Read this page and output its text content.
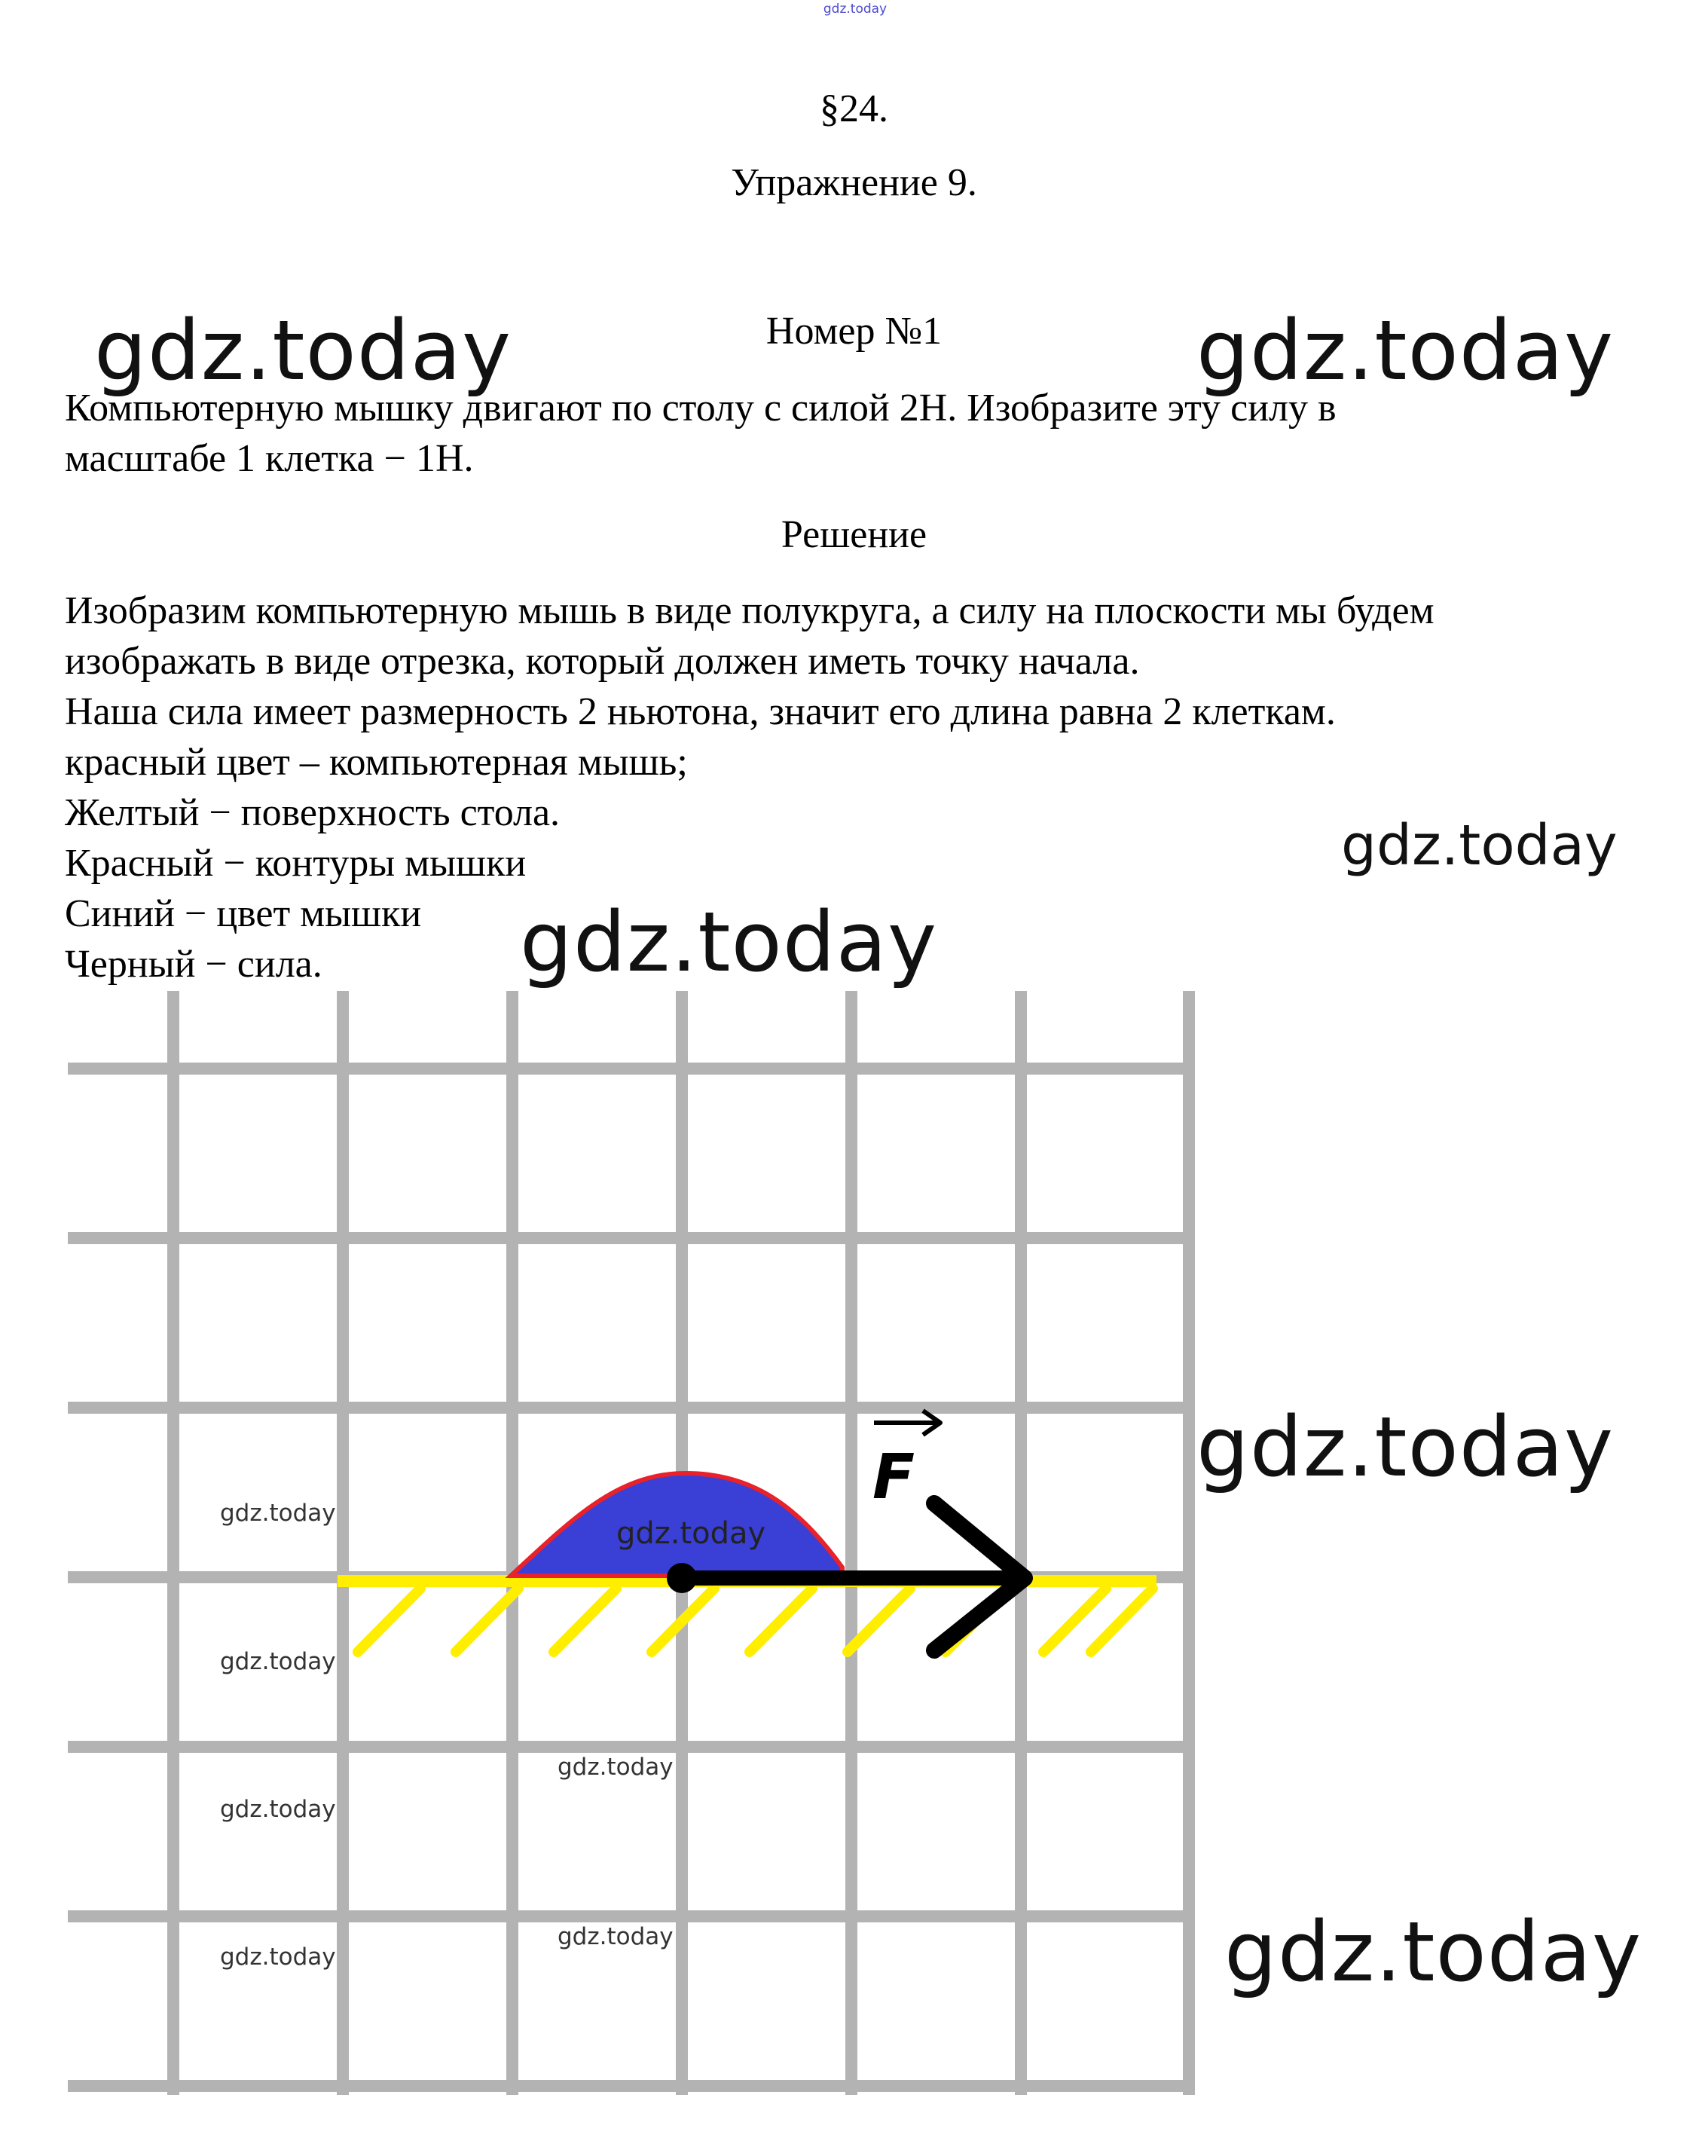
gdz.today
§24.
Упражнение 9.
Номер №1
Компьютерную мышку двигают по столу с силой 2Н. Изобразите эту силу в
масштабе 1 клетка − 1Н.
Решение
Изобразим компьютерную мышь в виде полукруга, а силу на плоскости мы будем
изображать в виде отрезка, который должен иметь точку начала.
Наша сила имеет размерность 2 ньютона, значит его длина равна 2 клеткам.
красный цвет – компьютерная мышь;
Желтый − поверхность стола.
Красный − контуры мышки
Синий − цвет мышки
Черный − сила.
F
gdz.today
gdz.today	gdz.today
gdz.today
gdz.today
gdz.today
gdz.today
gdz.today
gdz.today
gdz.today
gdz.today
gdz.today
gdz.today
